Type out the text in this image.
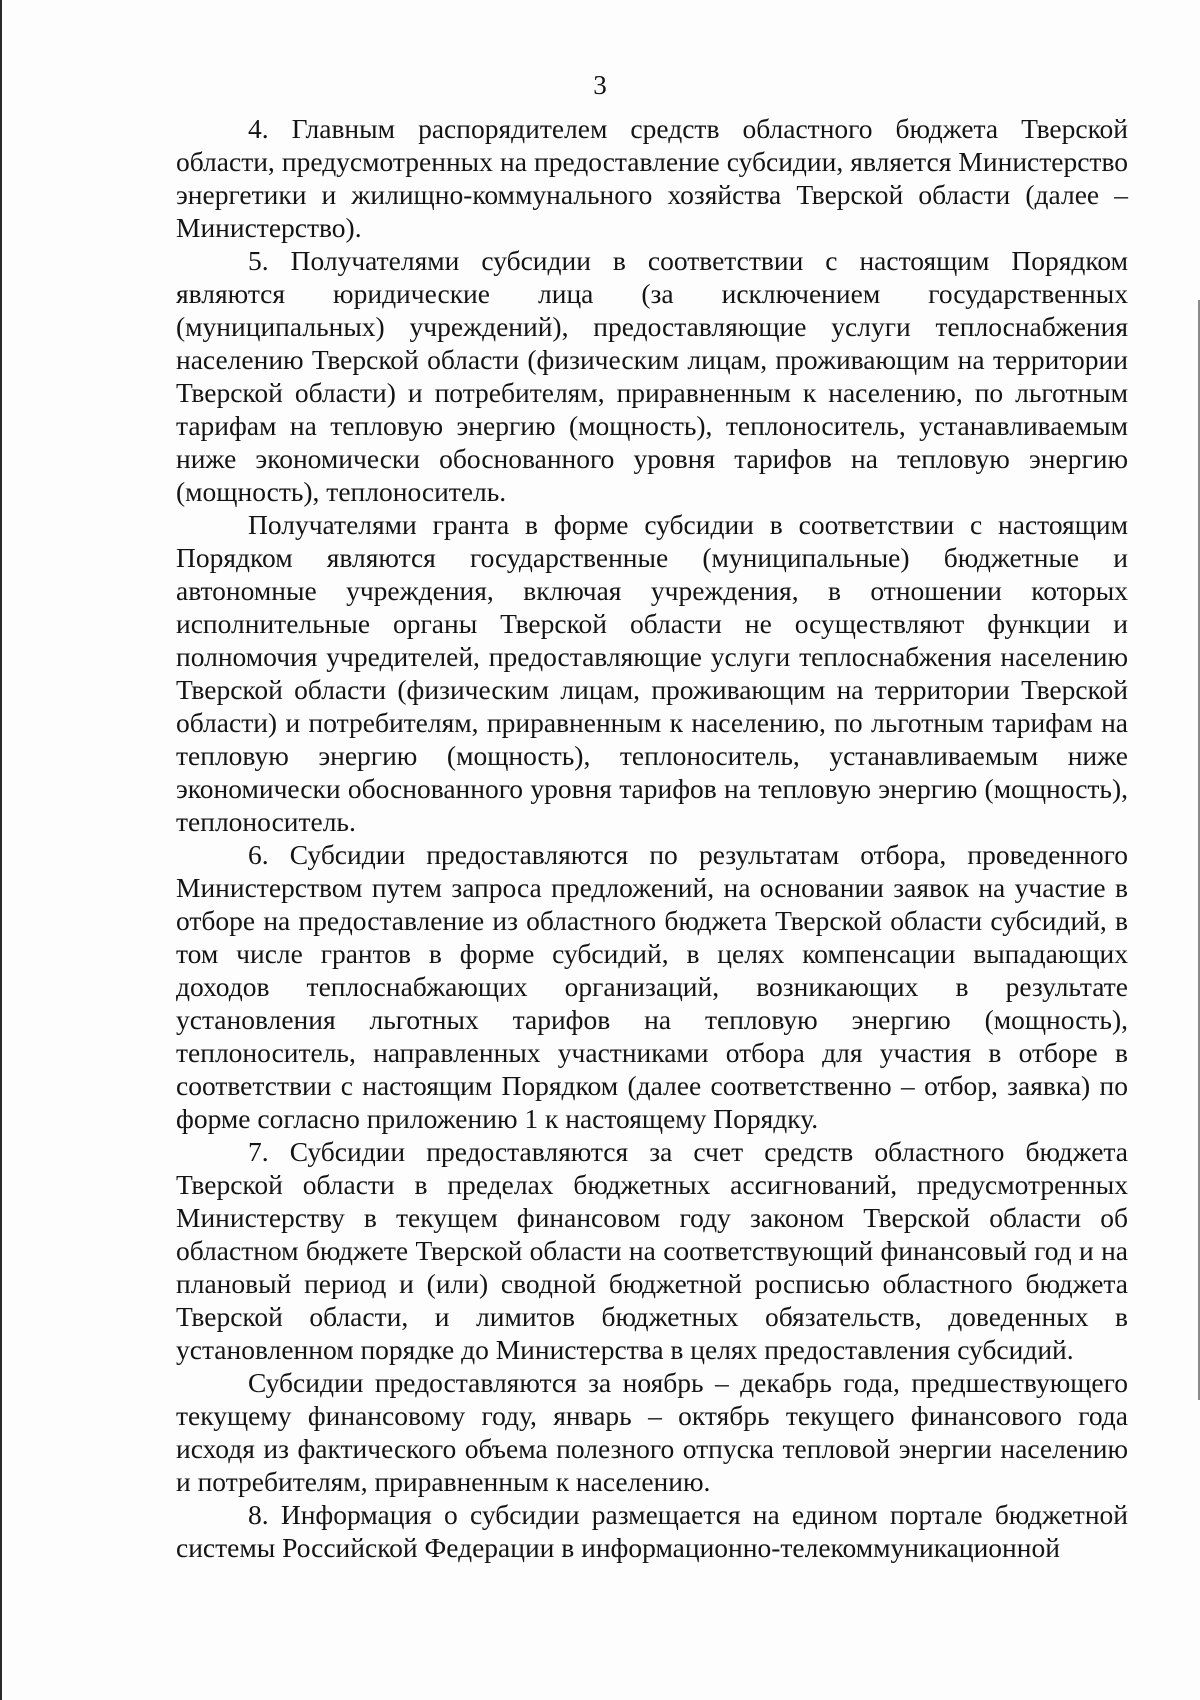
3

4. Главным распорядителем средств областного бюджета Тверской области, предусмотренных на предоставление субсидии, является Министерство энергетики и жилищно-коммунального хозяйства Тверской области (далее – Министерство).

5. Получателями субсидии в соответствии с настоящим Порядком являются юридические лица (за исключением государственных (муниципальных) учреждений), предоставляющие услуги теплоснабжения населению Тверской области (физическим лицам, проживающим на территории Тверской области) и потребителям, приравненным к населению, по льготным тарифам на тепловую энергию (мощность), теплоноситель, устанавливаемым ниже экономически обоснованного уровня тарифов на тепловую энергию (мощность), теплоноситель.

Получателями гранта в форме субсидии в соответствии с настоящим Порядком являются государственные (муниципальные) бюджетные и автономные учреждения, включая учреждения, в отношении которых исполнительные органы Тверской области не осуществляют функции и полномочия учредителей, предоставляющие услуги теплоснабжения населению Тверской области (физическим лицам, проживающим на территории Тверской области) и потребителям, приравненным к населению, по льготным тарифам на тепловую энергию (мощность), теплоноситель, устанавливаемым ниже экономически обоснованного уровня тарифов на тепловую энергию (мощность), теплоноситель.

6. Субсидии предоставляются по результатам отбора, проведенного Министерством путем запроса предложений, на основании заявок на участие в отборе на предоставление из областного бюджета Тверской области субсидий, в том числе грантов в форме субсидий, в целях компенсации выпадающих доходов теплоснабжающих организаций, возникающих в результате установления льготных тарифов на тепловую энергию (мощность), теплоноситель, направленных участниками отбора для участия в отборе в соответствии с настоящим Порядком (далее соответственно – отбор, заявка) по форме согласно приложению 1 к настоящему Порядку.

7. Субсидии предоставляются за счет средств областного бюджета Тверской области в пределах бюджетных ассигнований, предусмотренных Министерству в текущем финансовом году законом Тверской области об областном бюджете Тверской области на соответствующий финансовый год и на плановый период и (или) сводной бюджетной росписью областного бюджета Тверской области, и лимитов бюджетных обязательств, доведенных в установленном порядке до Министерства в целях предоставления субсидий.

Субсидии предоставляются за ноябрь – декабрь года, предшествующего текущему финансовому году, январь – октябрь текущего финансового года исходя из фактического объема полезного отпуска тепловой энергии населению и потребителям, приравненным к населению.

8. Информация о субсидии размещается на едином портале бюджетной системы Российской Федерации в информационно-телекоммуникационной
